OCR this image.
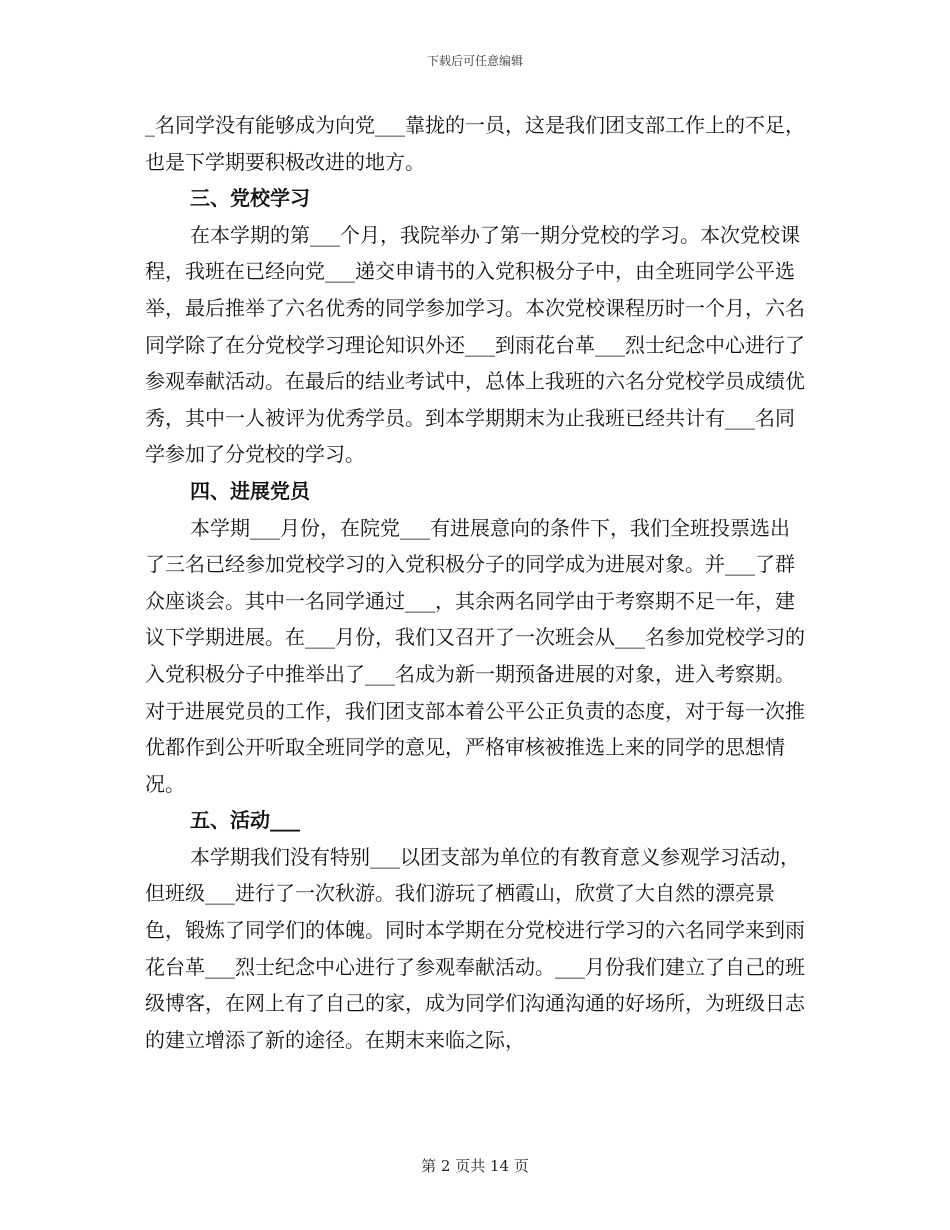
下载后可任意编辑

_名同学没有能够成为向党___靠拢的一员，这是我们团支部工作上的不足，也是下学期要积极改进的地方。

三、党校学习

在本学期的第___个月，我院举办了第一期分党校的学习。本次党校课程，我班在已经向党___递交申请书的入党积极分子中，由全班同学公平选举，最后推举了六名优秀的同学参加学习。本次党校课程历时一个月，六名同学除了在分党校学习理论知识外还___到雨花台革___烈士纪念中心进行了参观奉献活动。在最后的结业考试中，总体上我班的六名分党校学员成绩优秀，其中一人被评为优秀学员。到本学期期末为止我班已经共计有___名同学参加了分党校的学习。

四、进展党员

本学期___月份，在院党___有进展意向的条件下，我们全班投票选出了三名已经参加党校学习的入党积极分子的同学成为进展对象。并___了群众座谈会。其中一名同学通过___，其余两名同学由于考察期不足一年，建议下学期进展。在___月份，我们又召开了一次班会从___名参加党校学习的入党积极分子中推举出了___名成为新一期预备进展的对象，进入考察期。对于进展党员的工作，我们团支部本着公平公正负责的态度，对于每一次推优都作到公开听取全班同学的意见，严格审核被推选上来的同学的思想情况。

五、活动___

本学期我们没有特别___以团支部为单位的有教育意义参观学习活动，但班级___进行了一次秋游。我们游玩了栖霞山，欣赏了大自然的漂亮景色，锻炼了同学们的体魄。同时本学期在分党校进行学习的六名同学来到雨花台革___烈士纪念中心进行了参观奉献活动。___月份我们建立了自己的班级博客，在网上有了自己的家，成为同学们沟通沟通的好场所，为班级日志的建立增添了新的途径。在期末来临之际，

第 2 页共 14 页
